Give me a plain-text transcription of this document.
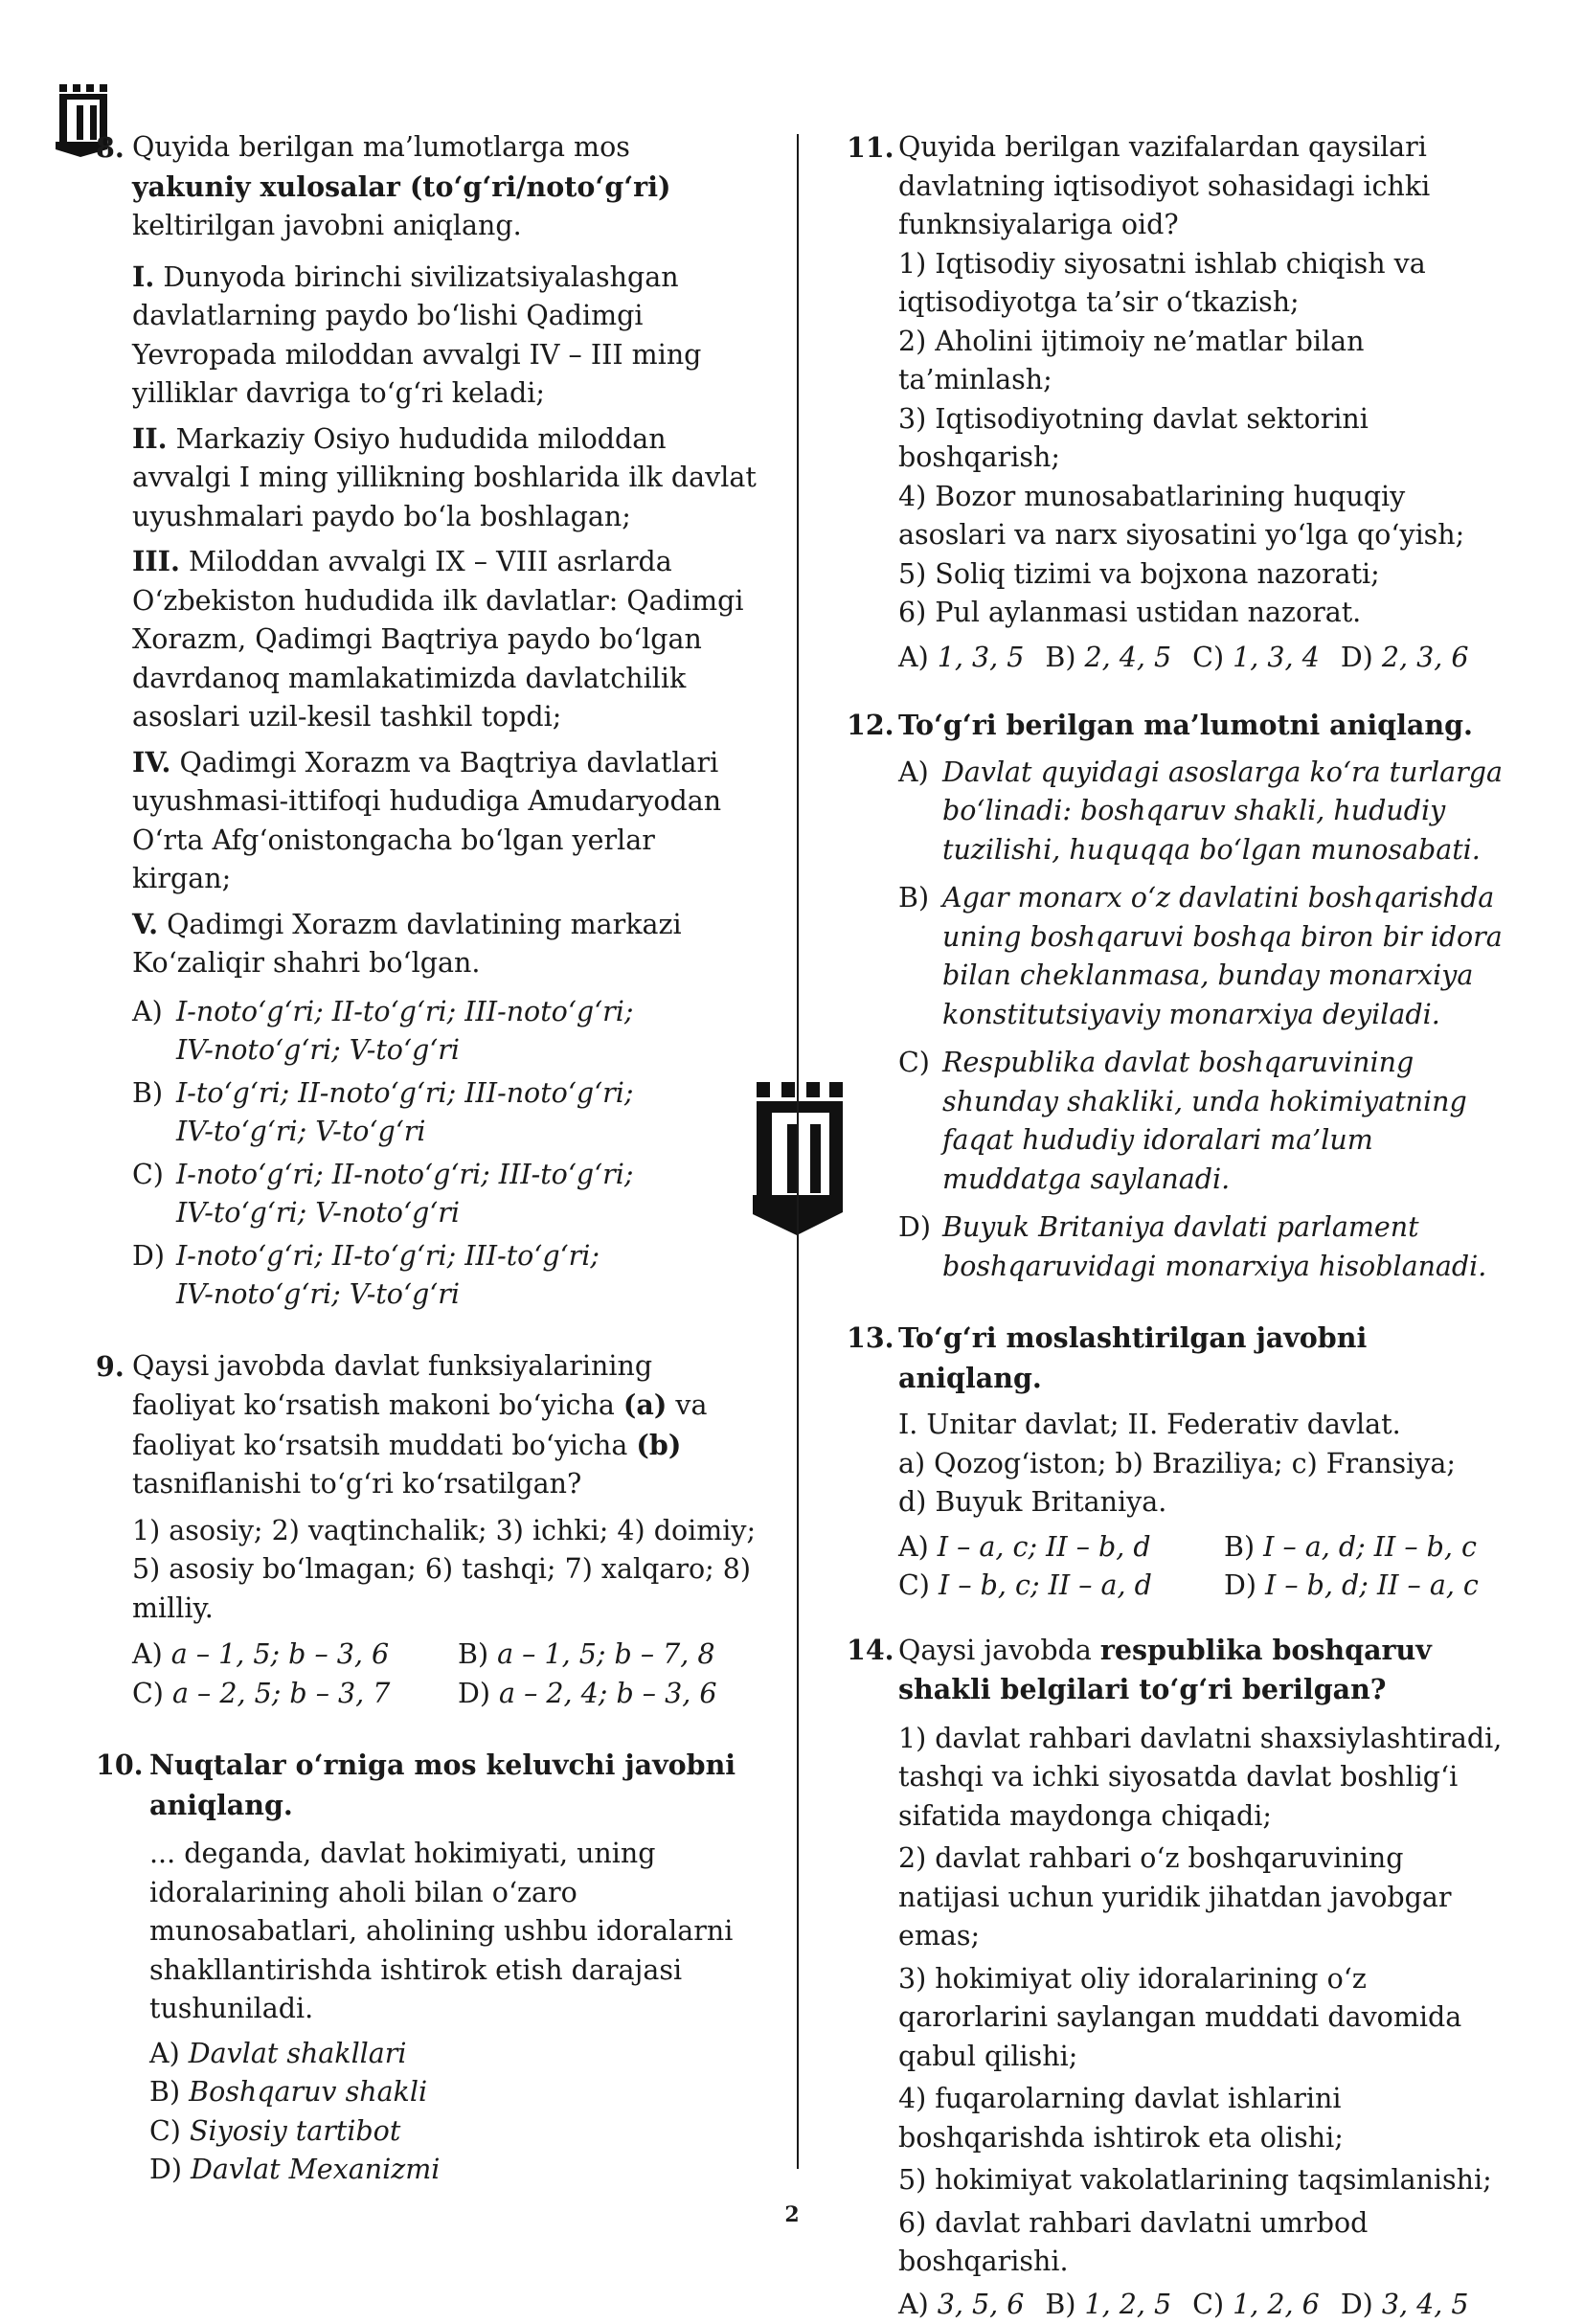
8. Quyida berilgan ma’lumotlarga mos yakuniy xulosalar (to‘g‘ri/noto‘g‘ri) keltirilgan javobni aniqlang.

I. Dunyoda birinchi sivilizatsiyalashgan davlatlarning paydo bo‘lishi Qadimgi Yevropada miloddan avvalgi IV – III ming yilliklar davriga to‘g‘ri keladi;

II. Markaziy Osiyo hududida miloddan avvalgi I ming yillikning boshlarida ilk davlat uyushmalari paydo bo‘la boshlagan;

III. Miloddan avvalgi IX – VIII asrlarda O‘zbekiston hududida ilk davlatlar: Qadimgi Xorazm, Qadimgi Baqtriya paydo bo‘lgan davrdanoq mamlakatimizda davlatchilik asoslari uzil-kesil tashkil topdi;

IV. Qadimgi Xorazm va Baqtriya davlatlari uyushmasi-ittifoqi hududiga Amudaryodan O‘rta Afg‘onistongacha bo‘lgan yerlar kirgan;

V. Qadimgi Xorazm davlatining markazi Ko‘zaliqir shahri bo‘lgan.

A) I-noto‘g‘ri; II-to‘g‘ri; III-noto‘g‘ri;
IV-noto‘g‘ri; V-to‘g‘ri
B) I-to‘g‘ri; II-noto‘g‘ri; III-noto‘g‘ri;
IV-to‘g‘ri; V-to‘g‘ri
C) I-noto‘g‘ri; II-noto‘g‘ri; III-to‘g‘ri;
IV-to‘g‘ri; V-noto‘g‘ri
D) I-noto‘g‘ri; II-to‘g‘ri; III-to‘g‘ri;
IV-noto‘g‘ri; V-to‘g‘ri
9. Qaysi javobda davlat funksiyalarining faoliyat ko‘rsatish makoni bo‘yicha (a) va faoliyat ko‘rsatsih muddati bo‘yicha (b) tasniflanishi to‘g‘ri ko‘rsatilgan?
1) asosiy; 2) vaqtinchalik; 3) ichki; 4) doimiy; 5) asosiy bo‘lmagan; 6) tashqi; 7) xalqaro; 8) milliy.
A) a – 1, 5; b – 3, 6	B) a – 1, 5; b – 7, 8
C) a – 2, 5; b – 3, 7	D) a – 2, 4; b – 3, 6
10. Nuqtalar o‘rniga mos keluvchi javobni aniqlang.
... deganda, davlat hokimiyati, uning idoralarining aholi bilan o‘zaro munosabatlari, aholining ushbu idoralarni shakllantirishda ishtirok etish darajasi tushuniladi.
A) Davlat shakllari
B) Boshqaruv shakli
C) Siyosiy tartibot
D) Davlat Mexanizmi
11. Quyida berilgan vazifalardan qaysilari davlatning iqtisodiyot sohasidagi ichki funknsiyalariga oid?
1) Iqtisodiy siyosatni ishlab chiqish va iqtisodiyotga ta’sir o‘tkazish;
2) Aholini ijtimoiy ne’matlar bilan ta’minlash;
3) Iqtisodiyotning davlat sektorini boshqarish;
4) Bozor munosabatlarining huquqiy asoslari va narx siyosatini yo‘lga qo‘yish;
5) Soliq tizimi va bojxona nazorati;
6) Pul aylanmasi ustidan nazorat.
A) 1, 3, 5 B) 2, 4, 5 C) 1, 3, 4 D) 2, 3, 6
12. To‘g‘ri berilgan ma’lumotni aniqlang.
A) Davlat quyidagi asoslarga ko‘ra turlarga bo‘linadi: boshqaruv shakli, hududiy tuzilishi, huquqqa bo‘lgan munosabati.
B) Agar monarx o‘z davlatini boshqarishda uning boshqaruvi boshqa biron bir idora bilan cheklanmasa, bunday monarxiya konstitutsiyaviy monarxiya deyiladi.
C) Respublika davlat boshqaruvining shunday shakliki, unda hokimiyatning faqat hududiy idoralari ma’lum muddatga saylanadi.
D) Buyuk Britaniya davlati parlament boshqaruvidagi monarxiya hisoblanadi.
13. To‘g‘ri moslashtirilgan javobni aniqlang.
I. Unitar davlat; II. Federativ davlat.
a) Qozog‘iston; b) Braziliya; c) Fransiya;
d) Buyuk Britaniya.
A) I – a, c; II – b, d	B) I – a, d; II – b, c
C) I – b, c; II – a, d	D) I – b, d; II – a, c
14. Qaysi javobda respublika boshqaruv shakli belgilari to‘g‘ri berilgan?
1) davlat rahbari davlatni shaxsiylashtiradi, tashqi va ichki siyosatda davlat boshlig‘i sifatida maydonga chiqadi;
2) davlat rahbari o‘z boshqaruvining natijasi uchun yuridik jihatdan javobgar emas;
3) hokimiyat oliy idoralarining o‘z qarorlarini saylangan muddati davomida qabul qilishi;
4) fuqarolarning davlat ishlarini boshqarishda ishtirok eta olishi;
5) hokimiyat vakolatlarining taqsimlanishi;
6) davlat rahbari davlatni umrbod boshqarishi.
A) 3, 5, 6 B) 1, 2, 5 C) 1, 2, 6 D) 3, 4, 5
2
